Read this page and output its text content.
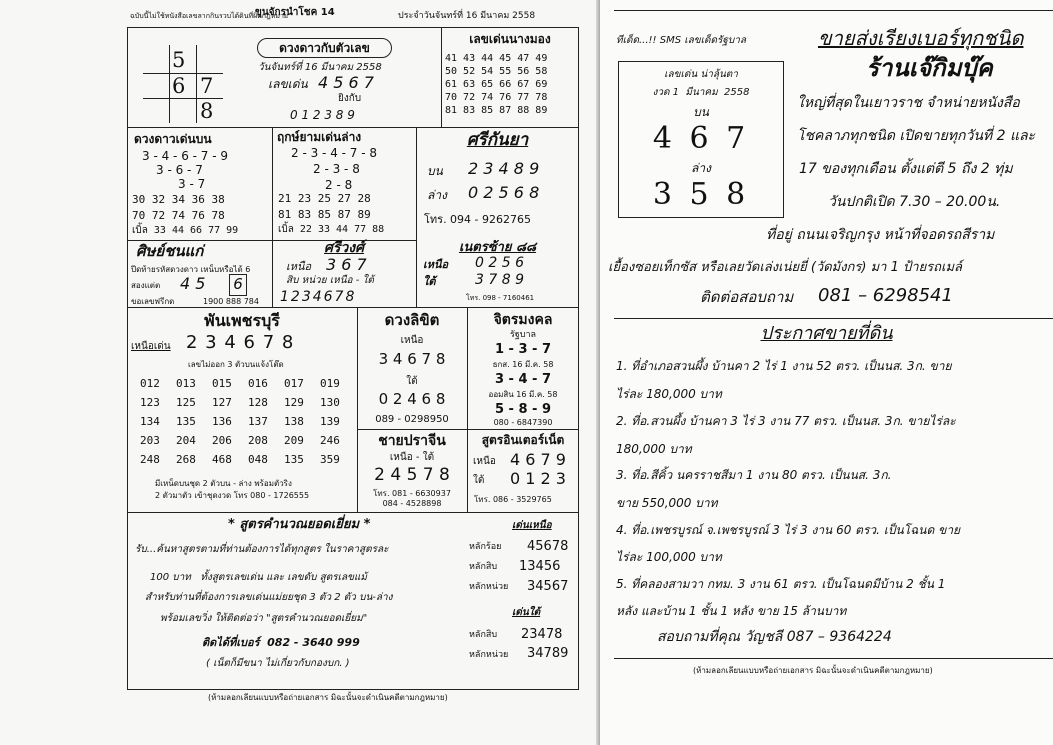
ฉบับนี้ไม่ใช้หนังสือเลขลากกินรวบได้ดินที่ผิดกฎหมาย
ขุนจักรนำโชค 14	ประจำวันจันทร์ที่ 16 มีนาคม 2558
5
6 7
8
ดวงดาวกับตัวเลข
วันจันทร์ที่ 16 มีนาคม 2558
เลขเด่น 4 5 6 7
ยิงกับ
0 1 2 3 8 9
เลขเด่นนางมอง
41 43 44 45 47 49
50 52 54 55 56 58
61 63 65 66 67 69
70 72 74 76 77 78
81 83 85 87 88 89
ดวงดาวเด่นบน
3 - 4 - 6 - 7 - 9
3 - 6 - 7
3 - 7
30 32 34 36 38
70 72 74 76 78
เบิ้ล 33 44 66 77 99
ฤกษ์ยามเด่นล่าง
2 - 3 - 4 - 7 - 8
2 - 3 - 8
2 - 8
21 23 25 27 28
81 83 85 87 89
เบิ้ล 22 33 44 77 88
ศรีกันยา
บน 2 3 4 8 9
ล่าง 0 2 5 6 8
โทร. 094 - 9262765
ศิษย์ชนแก่
ปีดท้ายรหัสดวงดาว เหน็บหรือได้ 6
สองแต่ต 4 5 6
ขอเลขฟรีกด	1900 888 784
ศรีวงศ์
เหนือ 3 6 7
สิบ หน่วย เหนือ - ใต้
1234678
เนตรซ้าย ๘๘
เหนือ 0 2 5 6
ใต้	3 7 8 9
โทร. 098 - 7160461
พันเพชรบุรี
เหนือเด่น 2 3 4 6 7 8
เลขไม่ออก 3 ตัวบนแจ้งโต๊ด
012 013 015 016 017 019
123 125 127 128 129 130
134 135 136 137 138 139
203 204 206 208 209 246
248 268 468 048 135 359
มีเหน็ดบนชุด 2 ตัวบน - ล่าง พร้อมตัวริง
2 ตัวมาตัว เข้าชุดงวด โทร 080 - 1726555
ดวงลิขิต
เหนือ
3 4 6 7 8
ใต้
0 2 4 6 8
089 - 0298950
จิตรมงคล
รัฐบาล
1 - 3 - 7
ธกส. 16 มี.ค. 58
3 - 4 - 7
ออมสิน 16 มี.ค. 58
5 - 8 - 9
080 - 6847390
ชายปราจีน
เหนือ - ใต้
2 4 5 7 8
โทร. 081 - 6630937
084 - 4528898
สูตรอินเตอร์เน็ต
เหนือ 4 6 7 9
ใต้ 0 1 2 3
โทร. 086 - 3529765
* สูตรคำนวณยอดเยี่ยม *
รับ...ค้นหาสูตรตามที่ท่านต้องการได้ทุกสูตร ในราคาสูตรละ
100 บาท   ทั้งสูตรเลขเด่น และ เลขดับ สูตรเลขแม้
สำหรับท่านที่ต้องการเลขเด่นแม่ยยชุด 3 ตัว 2 ตัว บน-ล่าง
พร้อมเลขวิ่ง ให้ติดต่อว่า "สูตรคำนวณยอดเยี่ยม"
ติดได้ที่เบอร์  082 - 3640 999
( เน็ตก็มีขนา ไม่เกี่ยวกับกองบก. )
เด่นเหนือ
หลักร้อย 45678
หลักสิบ 13456
หลักหน่วย 34567
เด่นใต้
หลักสิบ 23478
หลักหน่วย 34789
(ห้ามลอกเลียนแบบหรือถ่ายเอกสาร มิฉะนั้นจะดำเนินคดีตามกฎหมาย)
ทีเด็ด...!! SMS เลขเด็ดรัฐบาล
เลขเด่น น่าลุ้นตา
งวด 1  มีนาคม  2558
บน
4 6 7
ล่าง
3 5 8
ขายส่งเรียงเบอร์ทุกชนิด
ร้านเจ๊กิมบุ๊ค
ใหญ่ที่สุดในเยาวราช จำหน่ายหนังสือ
โชคลาภทุกชนิด เปิดขายทุกวันที่ 2 และ
17 ของทุกเดือน ตั้งแต่ตี 5 ถึง 2 ทุ่ม
วันปกติเปิด 7.30 – 20.00น.
ที่อยู่ ถนนเจริญกรุง หน้าที่จอดรถสีราม
เยื้องซอยเท็กซัส หรือเลยวัดเล่งเน่ยยี่ (วัดมังกร) มา 1 ป้ายรถเมล์
ติดต่อสอบถาม 081 – 6298541
ประกาศขายที่ดิน
1. ที่อำเภอสวนผึ้ง บ้านคา 2 ไร่ 1 งาน 52 ตรว. เป็นนส. 3ก. ขาย
ไร่ละ 180,000 บาท
2. ที่อ.สวนผึ้ง บ้านคา 3 ไร่ 3 งาน 77 ตรว. เป็นนส. 3ก. ขายไร่ละ
180,000 บาท
3. ที่อ.สีคิ้ว นครราชสีมา 1 งาน 80 ตรว. เป็นนส. 3ก.
ขาย 550,000 บาท
4. ที่อ.เพชรบูรณ์ จ.เพชรบูรณ์ 3 ไร่ 3 งาน 60 ตรว. เป็นโฉนด ขาย
ไร่ละ 100,000 บาท
5. ที่คลองสามวา กทม. 3 งาน 61 ตรว. เป็นโฉนดมีบ้าน 2 ชั้น 1
หลัง และบ้าน 1 ชั้น 1 หลัง ขาย 15 ล้านบาท
สอบถามที่คุณ วัญชลี 087 – 9364224
(ห้ามลอกเลียนแบบหรือถ่ายเอกสาร มิฉะนั้นจะดำเนินคดีตามกฎหมาย)
